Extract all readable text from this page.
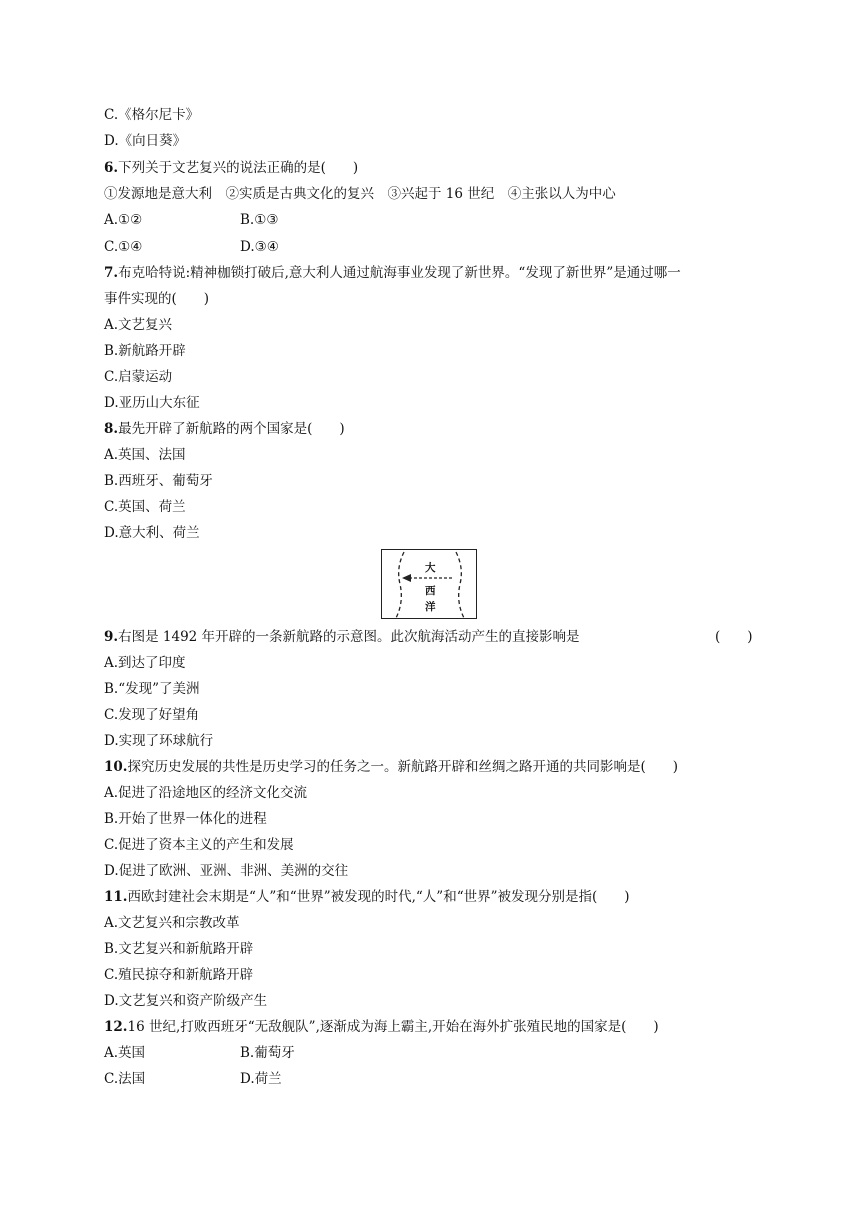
C.《格尔尼卡》
D.《向日葵》
6.下列关于文艺复兴的说法正确的是(　　)
①发源地是意大利　②实质是古典文化的复兴　③兴起于 16 世纪　④主张以人为中心
A.①②	B.①③
C.①④	D.③④
7.布克哈特说:精神枷锁打破后,意大利人通过航海事业发现了新世界。“发现了新世界”是通过哪一
事件实现的(　　)
A.文艺复兴
B.新航路开辟
C.启蒙运动
D.亚历山大东征
8.最先开辟了新航路的两个国家是(　　)
A.英国、法国
B.西班牙、葡萄牙
C.英国、荷兰
D.意大利、荷兰
大
西
洋
9.右图是 1492 年开辟的一条新航路的示意图。此次航海活动产生的直接影响是	(　　)
A.到达了印度
B.“发现”了美洲
C.发现了好望角
D.实现了环球航行
10.探究历史发展的共性是历史学习的任务之一。新航路开辟和丝绸之路开通的共同影响是(　　)
A.促进了沿途地区的经济文化交流
B.开始了世界一体化的进程
C.促进了资本主义的产生和发展
D.促进了欧洲、亚洲、非洲、美洲的交往
11.西欧封建社会末期是“人”和“世界”被发现的时代,“人”和“世界”被发现分别是指(　　)
A.文艺复兴和宗教改革
B.文艺复兴和新航路开辟
C.殖民掠夺和新航路开辟
D.文艺复兴和资产阶级产生
12.16 世纪,打败西班牙“无敌舰队”,逐渐成为海上霸主,开始在海外扩张殖民地的国家是(　　)
A.英国	B.葡萄牙
C.法国	D.荷兰
